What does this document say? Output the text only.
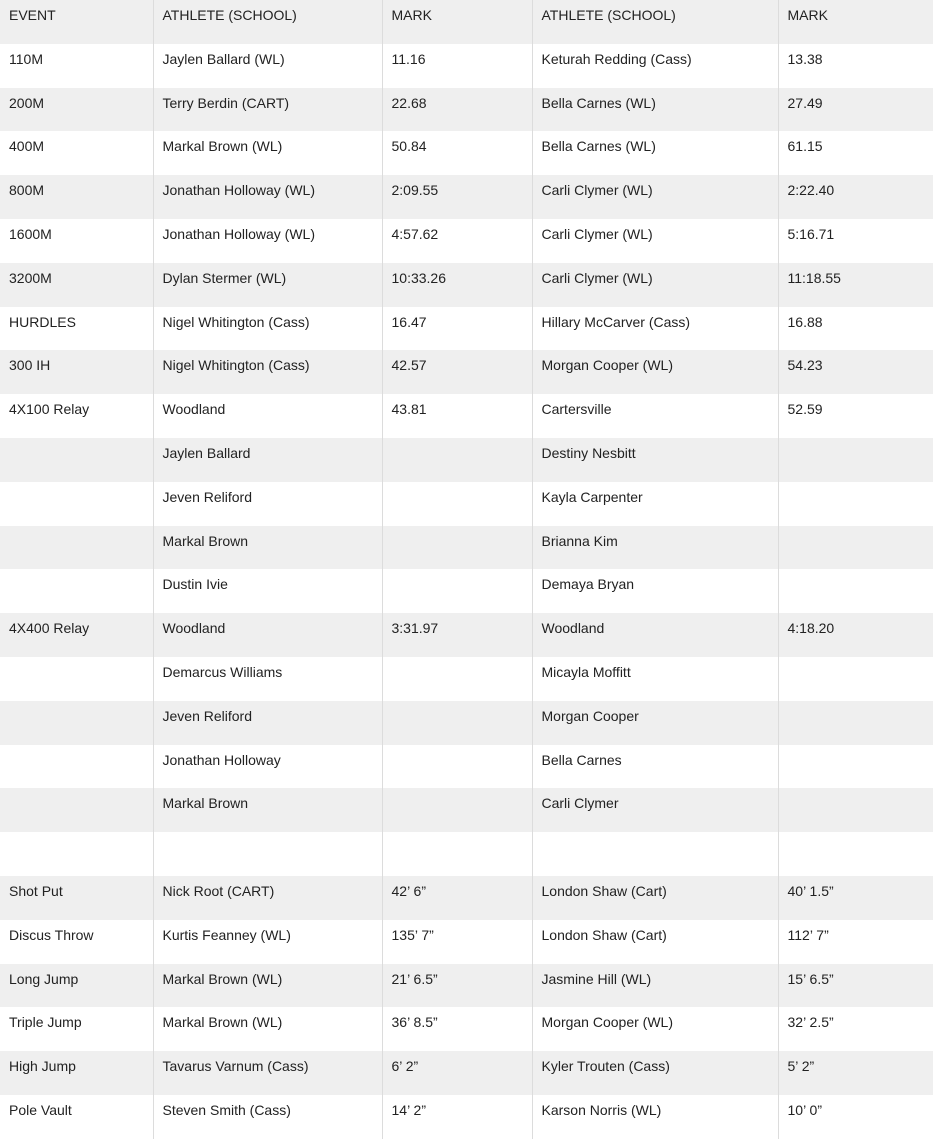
EVENT	ATHLETE (SCHOOL)	MARK	ATHLETE (SCHOOL)	MARK
110M	Jaylen Ballard (WL)	11.16	Keturah Redding (Cass)	13.38
200M	Terry Berdin (CART)	22.68	Bella Carnes (WL)	27.49
400M	Markal Brown (WL)	50.84	Bella Carnes (WL)	61.15
800M	Jonathan Holloway (WL)	2:09.55	Carli Clymer (WL)	2:22.40
1600M	Jonathan Holloway (WL)	4:57.62	Carli Clymer (WL)	5:16.71
3200M	Dylan Stermer (WL)	10:33.26	Carli Clymer (WL)	11:18.55
HURDLES	Nigel Whitington (Cass)	16.47	Hillary McCarver (Cass)	16.88
300 IH	Nigel Whitington (Cass)	42.57	Morgan Cooper (WL)	54.23
4X100 Relay	Woodland	43.81	Cartersville	52.59
	Jaylen Ballard		Destiny Nesbitt	
	Jeven Reliford		Kayla Carpenter	
	Markal Brown		Brianna Kim	
	Dustin Ivie		Demaya Bryan	
4X400 Relay	Woodland	3:31.97	Woodland	4:18.20
	Demarcus Williams		Micayla Moffitt	
	Jeven Reliford		Morgan Cooper	
	Jonathan Holloway		Bella Carnes	
	Markal Brown		Carli Clymer	

Shot Put	Nick Root (CART)	42’ 6”	London Shaw (Cart)	40’ 1.5”
Discus Throw	Kurtis Feanney (WL)	135’ 7”	London Shaw (Cart)	112’ 7”
Long Jump	Markal Brown (WL)	21’ 6.5”	Jasmine Hill (WL)	15’ 6.5”
Triple Jump	Markal Brown (WL)	36’ 8.5”	Morgan Cooper (WL)	32’ 2.5”
High Jump	Tavarus Varnum (Cass)	6’ 2”	Kyler Trouten (Cass)	5’ 2”
Pole Vault	Steven Smith (Cass)	14’ 2”	Karson Norris (WL)	10’ 0”
